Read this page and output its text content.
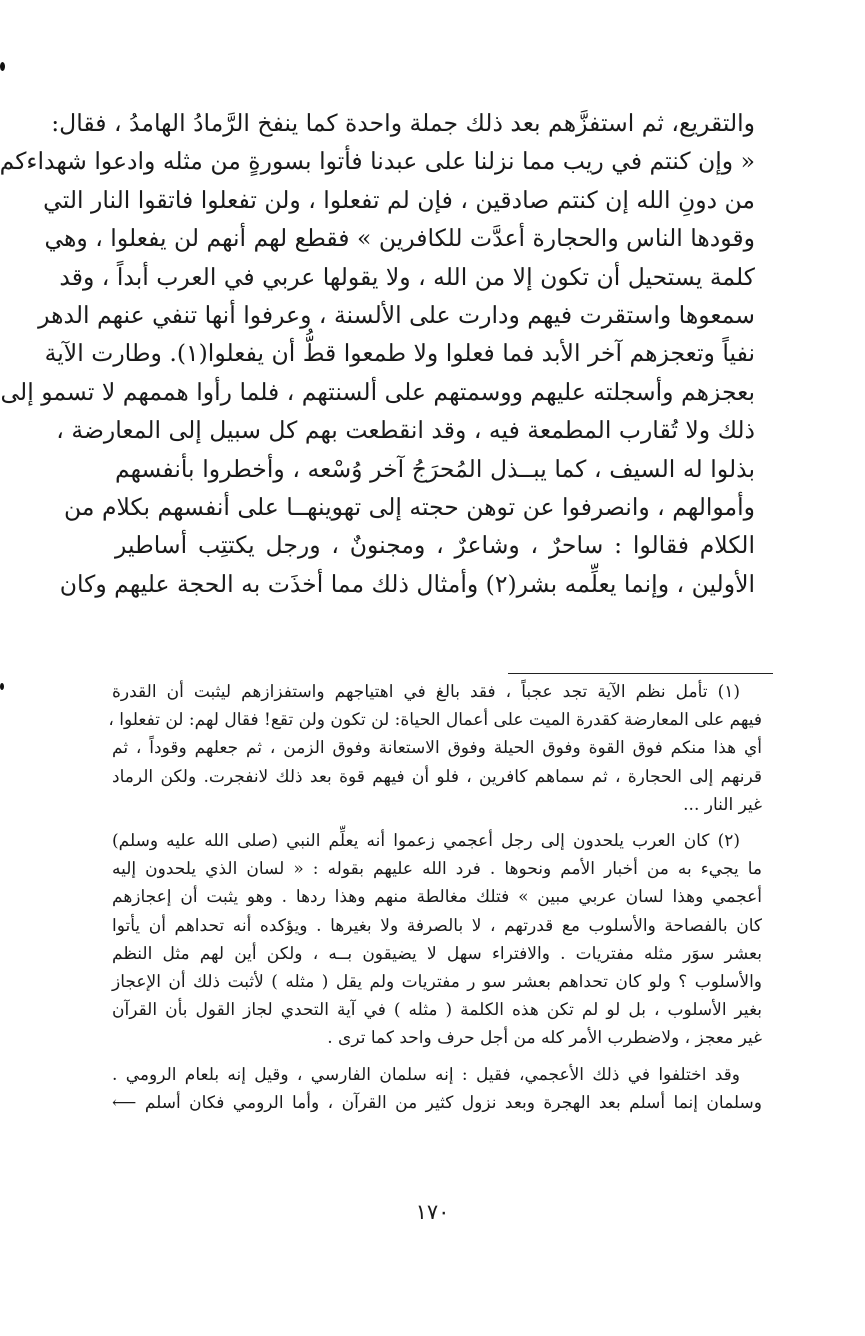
والتقريع، ثم استفزَّهم بعد ذلك جملة واحدة كما ينفخ الرَّمادُ الهامدُ ، فقال:
« وإن كنتم في ريب مما نزلنا على عبدنا فأتوا بسورةٍ من مثله وادعوا شهداءكم
من دونِ الله إن كنتم صادقين ، فإن لم تفعلوا ، ولن تفعلوا فاتقوا النار التي
وقودها الناس والحجارة أعدَّت للكافرين » فقطع لهم أنهم لن يفعلوا ، وهي
كلمة يستحيل أن تكون إلا من الله ، ولا يقولها عربي في العرب أبداً ، وقد
سمعوها واستقرت فيهم ودارت على الألسنة ، وعرفوا أنها تنفي عنهم الدهر
نفياً وتعجزهم آخر الأبد فما فعلوا ولا طمعوا قطُّ أن يفعلوا(١). وطارت الآية
بعجزهم وأسجلته عليهم ووسمتهم على ألسنتهم ، فلما رأوا هممهم لا تسمو إلى
ذلك ولا تُقارب المطمعة فيه ، وقد انقطعت بهم كل سبيل إلى المعارضة ،
بذلوا له السيف ، كما يبــذل المُحرَجُ آخر وُسْعه ، وأخطروا بأنفسهم
وأموالهم ، وانصرفوا عن توهن حجته إلى تهوينهــا على أنفسهم بكلام من
الكلام فقالوا : ساحرٌ ، وشاعرٌ ، ومجنونٌ ، ورجل يكتتِب أساطير
الأولين ، وإنما يعلِّمه بشر(٢) وأمثال ذلك مما أخذَت به الحجة عليهم وكان
(١) تأمل نظم الآية تجد عجباً ، فقد بالغ في اهتياجهم واستفزازهم ليثبت أن القدرة
فيهم على المعارضة كقدرة الميت على أعمال الحياة: لن تكون ولن تقع! فقال لهم: لن تفعلوا ،
أي هذا منكم فوق القوة وفوق الحيلة وفوق الاستعانة وفوق الزمن ، ثم جعلهم وقوداً ، ثم
قرنهم إلى الحجارة ، ثم سماهم كافرين ، فلو أن فيهم قوة بعد ذلك لانفجرت. ولكن الرماد
غير النار ...
(٢) كان العرب يلحدون إلى رجل أعجمي زعموا أنه يعلِّم النبي (صلى الله عليه وسلم)
ما يجيء به من أخبار الأمم ونحوها . فرد الله عليهم بقوله : « لسان الذي يلحدون إليه
أعجمي وهذا لسان عربي مبين » فتلك مغالطة منهم وهذا ردها . وهو يثبت أن إعجازهم
كان بالفصاحة والأسلوب مع قدرتهم ، لا بالصرفة ولا بغيرها . ويؤكده أنه تحداهم أن يأتوا
بعشر سوَر مثله مفتريات . والافتراء سهل لا يضيقون بــه ، ولكن أين لهم مثل النظم
والأسلوب ؟ ولو كان تحداهم بعشر سو ر مفتريات ولم يقل ( مثله ) لأثبت ذلك أن الإعجاز
بغير الأسلوب ، بل لو لم تكن هذه الكلمة ( مثله ) في آية التحدي لجاز القول بأن القرآن
غير معجز ، ولاضطرب الأمر كله من أجل حرف واحد كما ترى .
وقد اختلفوا في ذلك الأعجمي، فقيل : إنه سلمان الفارسي ، وقيل إنه بلعام الرومي .
وسلمان إنما أسلم بعد الهجرة وبعد نزول كثير من القرآن ، وأما الرومي فكان أسلم ⟵
١٧٠
